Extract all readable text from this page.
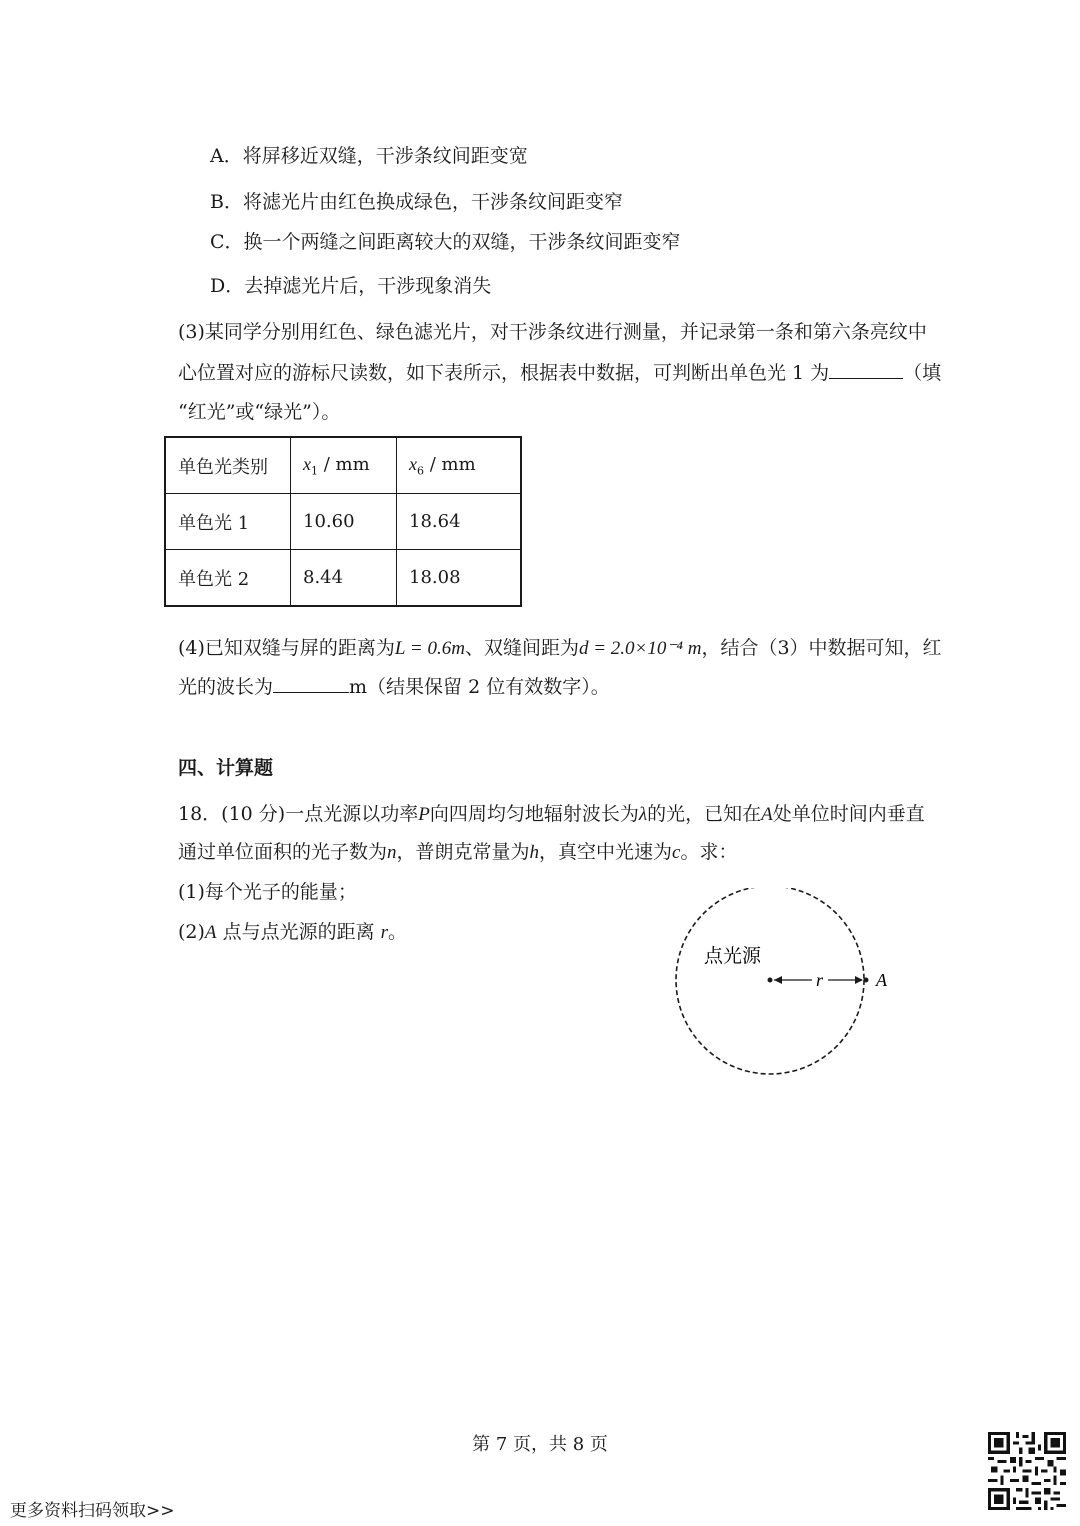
A．将屏移近双缝，干涉条纹间距变宽
B．将滤光片由红色换成绿色，干涉条纹间距变窄
C．换一个两缝之间距离较大的双缝，干涉条纹间距变窄
D．去掉滤光片后，干涉现象消失
(3)某同学分别用红色、绿色滤光片，对干涉条纹进行测量，并记录第一条和第六条亮纹中
心位置对应的游标尺读数，如下表所示，根据表中数据，可判断出单色光 1 为	（填
“红光”或“绿光”）。
单色光类别	$x_1$ / mm	$x_6$ / mm
单色光 1	10.60	18.64
单色光 2	8.44	18.08
(4)已知双缝与屏的距离为L = 0.6m、双缝间距为d = 2.0×10⁻⁴ m，结合（3）中数据可知，红
光的波长为	m（结果保留 2 位有效数字）。
四、计算题
18．(10 分)一点光源以功率P向四周均匀地辐射波长为λ的光，已知在A处单位时间内垂直
通过单位面积的光子数为n，普朗克常量为h，真空中光速为c。求：
(1)每个光子的能量；
(2)A 点与点光源的距离 r。
点光源
r	A
第 7 页，共 8 页
更多资料扫码领取>>
